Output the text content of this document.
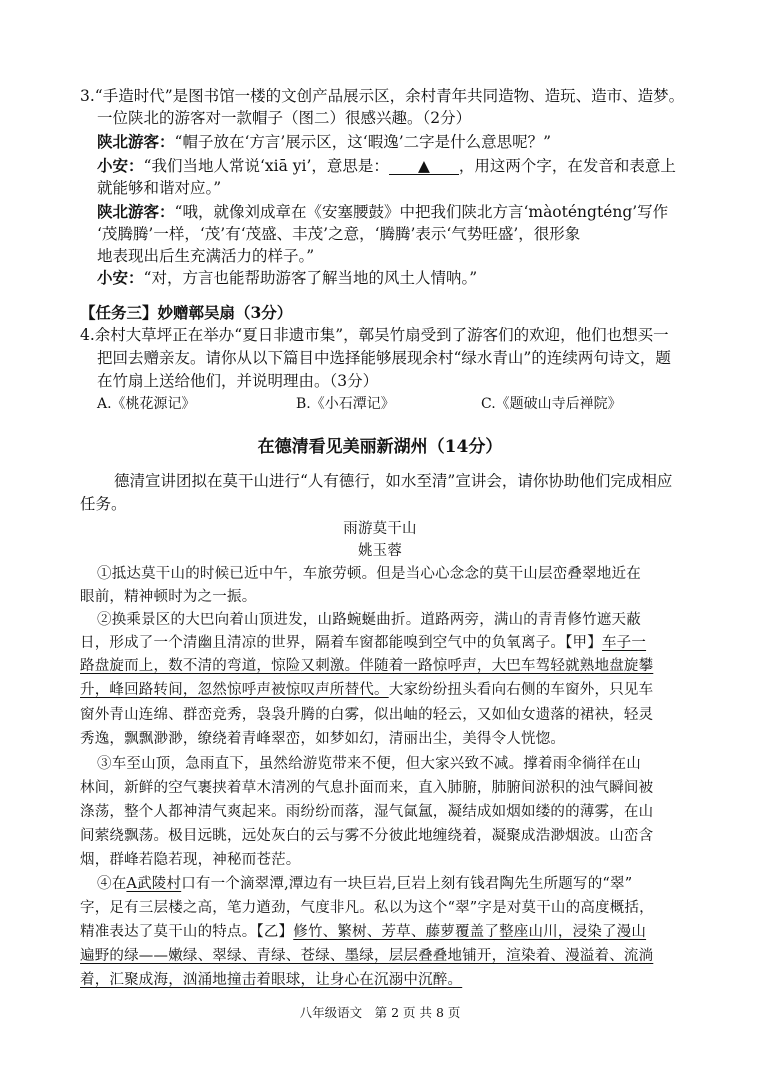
3.“手造时代”是图书馆一楼的文创产品展示区，余村青年共同造物、造玩、造市、造梦。
一位陕北的游客对一款帽子（图二）很感兴趣。（2分）
陕北游客：“帽子放在‘方言’展示区，这‘暇逸’二字是什么意思呢？”
小安：“我们当地人常说‘xiā yi’，意思是： ▲ ，用这两个字，在发音和表意上
就能够和谐对应。”
陕北游客：“哦，就像刘成章在《安塞腰鼓》中把我们陕北方言‘màoténgténg’写作
‘茂腾腾’一样，‘茂’有‘茂盛、丰茂’之意，‘腾腾’表示‘气势旺盛’，很形象
地表现出后生充满活力的样子。”
小安：“对，方言也能帮助游客了解当地的风土人情呐。”
【任务三】妙赠鄣吴扇（3分）
4.余村大草坪正在举办“夏日非遗市集”，鄣吴竹扇受到了游客们的欢迎，他们也想买一
把回去赠亲友。请你从以下篇目中选择能够展现余村“绿水青山”的连续两句诗文，题
在竹扇上送给他们，并说明理由。（3分）
A.《桃花源记》	B.《小石潭记》	C.《题破山寺后禅院》
在德清看见美丽新湖州（14分）
德清宣讲团拟在莫干山进行“人有德行，如水至清”宣讲会，请你协助他们完成相应
任务。
雨游莫干山
姚玉蓉
①抵达莫干山的时候已近中午，车旅劳顿。但是当心心念念的莫干山层峦叠翠地近在
眼前，精神顿时为之一振。
②换乘景区的大巴向着山顶进发，山路蜿蜒曲折。道路两旁，满山的青青修竹遮天蔽
日，形成了一个清幽且清凉的世界，隔着车窗都能嗅到空气中的负氧离子。【甲】车子一
路盘旋而上，数不清的弯道，惊险又刺激。伴随着一路惊呼声，大巴车驾轻就熟地盘旋攀
升，峰回路转间，忽然惊呼声被惊叹声所替代。大家纷纷扭头看向右侧的车窗外，只见车
窗外青山连绵、群峦竞秀，袅袅升腾的白雾，似出岫的轻云，又如仙女遗落的裙袂，轻灵
秀逸，飘飘渺渺，缭绕着青峰翠峦，如梦如幻，清丽出尘，美得令人恍惚。
③车至山顶，急雨直下，虽然给游览带来不便，但大家兴致不减。撑着雨伞徜徉在山
林间，新鲜的空气裹挟着草木清冽的气息扑面而来，直入肺腑，肺腑间淤积的浊气瞬间被
涤荡，整个人都神清气爽起来。雨纷纷而落，湿气氤氲，凝结成如烟如缕的的薄雾，在山
间萦绕飘荡。极目远眺，远处灰白的云与雾不分彼此地缠绕着，凝聚成浩渺烟波。山峦含
烟，群峰若隐若现，神秘而苍茫。
④在A武陵村口有一个滴翠潭,潭边有一块巨岩,巨岩上刻有钱君陶先生所题写的“翠”
字，足有三层楼之高，笔力遒劲，气度非凡。私以为这个“翠”字是对莫干山的高度概括，
精准表达了莫干山的特点。【乙】修竹、繁树、芳草、藤萝覆盖了整座山川，浸染了漫山
遍野的绿——嫩绿、翠绿、青绿、苍绿、墨绿，层层叠叠地铺开，渲染着、漫溢着、流淌
着，汇聚成海，汹涌地撞击着眼球，让身心在沉溺中沉醉。
八年级语文　第 2 页 共 8 页
